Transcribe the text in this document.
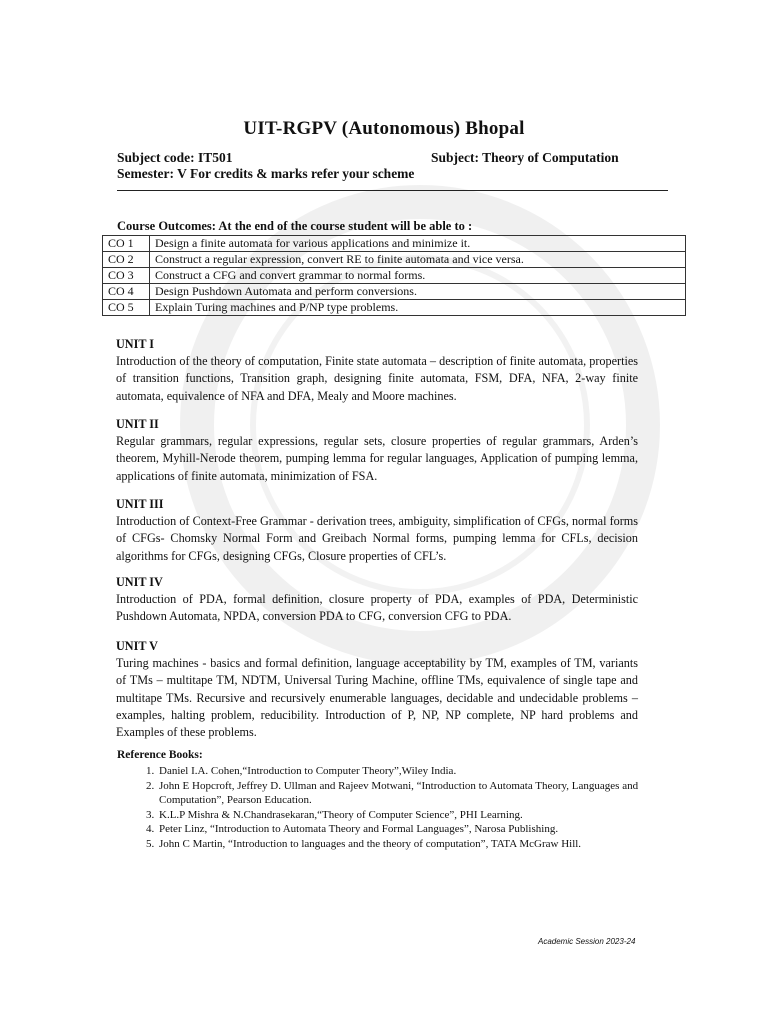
UIT-RGPV (Autonomous) Bhopal
Subject code: IT501	Subject: Theory of Computation
Semester: V For credits & marks refer your scheme
Course Outcomes: At the end of the course student will be able to :
CO 1	Design a finite automata for various applications and minimize it.
CO 2	Construct a regular expression, convert RE to finite automata and vice versa.
CO 3	Construct a CFG and convert grammar to normal forms.
CO 4	Design Pushdown Automata and perform conversions.
CO 5	Explain Turing machines and P/NP type problems.
UNIT I
Introduction of the theory of computation, Finite state automata – description of finite automata, properties of transition functions, Transition graph, designing finite automata, FSM, DFA, NFA, 2-way finite automata, equivalence of NFA and DFA, Mealy and Moore machines.
UNIT II
Regular grammars, regular expressions, regular sets, closure properties of regular grammars, Arden’s theorem, Myhill-Nerode theorem, pumping lemma for regular languages, Application of pumping lemma, applications of finite automata, minimization of FSA.
UNIT III
Introduction of Context-Free Grammar - derivation trees, ambiguity, simplification of CFGs, normal forms of CFGs- Chomsky Normal Form and Greibach Normal forms, pumping lemma for CFLs, decision algorithms for CFGs, designing CFGs, Closure properties of CFL’s.
UNIT IV
Introduction of PDA, formal definition, closure property of PDA, examples of PDA, Deterministic Pushdown Automata, NPDA, conversion PDA to CFG, conversion CFG to PDA.
UNIT V
Turing machines - basics and formal definition, language acceptability by TM, examples of TM, variants of TMs – multitape TM, NDTM, Universal Turing Machine, offline TMs, equivalence of single tape and multitape TMs. Recursive and recursively enumerable languages, decidable and undecidable problems – examples, halting problem, reducibility. Introduction of P, NP, NP complete, NP hard problems and Examples of these problems.
Reference Books:
1. Daniel I.A. Cohen,“Introduction to Computer Theory”,Wiley India.
2. John E Hopcroft, Jeffrey D. Ullman and Rajeev Motwani, “Introduction to Automata Theory, Languages and Computation”, Pearson Education.
3. K.L.P Mishra & N.Chandrasekaran,“Theory of Computer Science”, PHI Learning.
4. Peter Linz, “Introduction to Automata Theory and Formal Languages”, Narosa Publishing.
5. John C Martin, “Introduction to languages and the theory of computation”, TATA McGraw Hill.
Academic Session 2023-24
